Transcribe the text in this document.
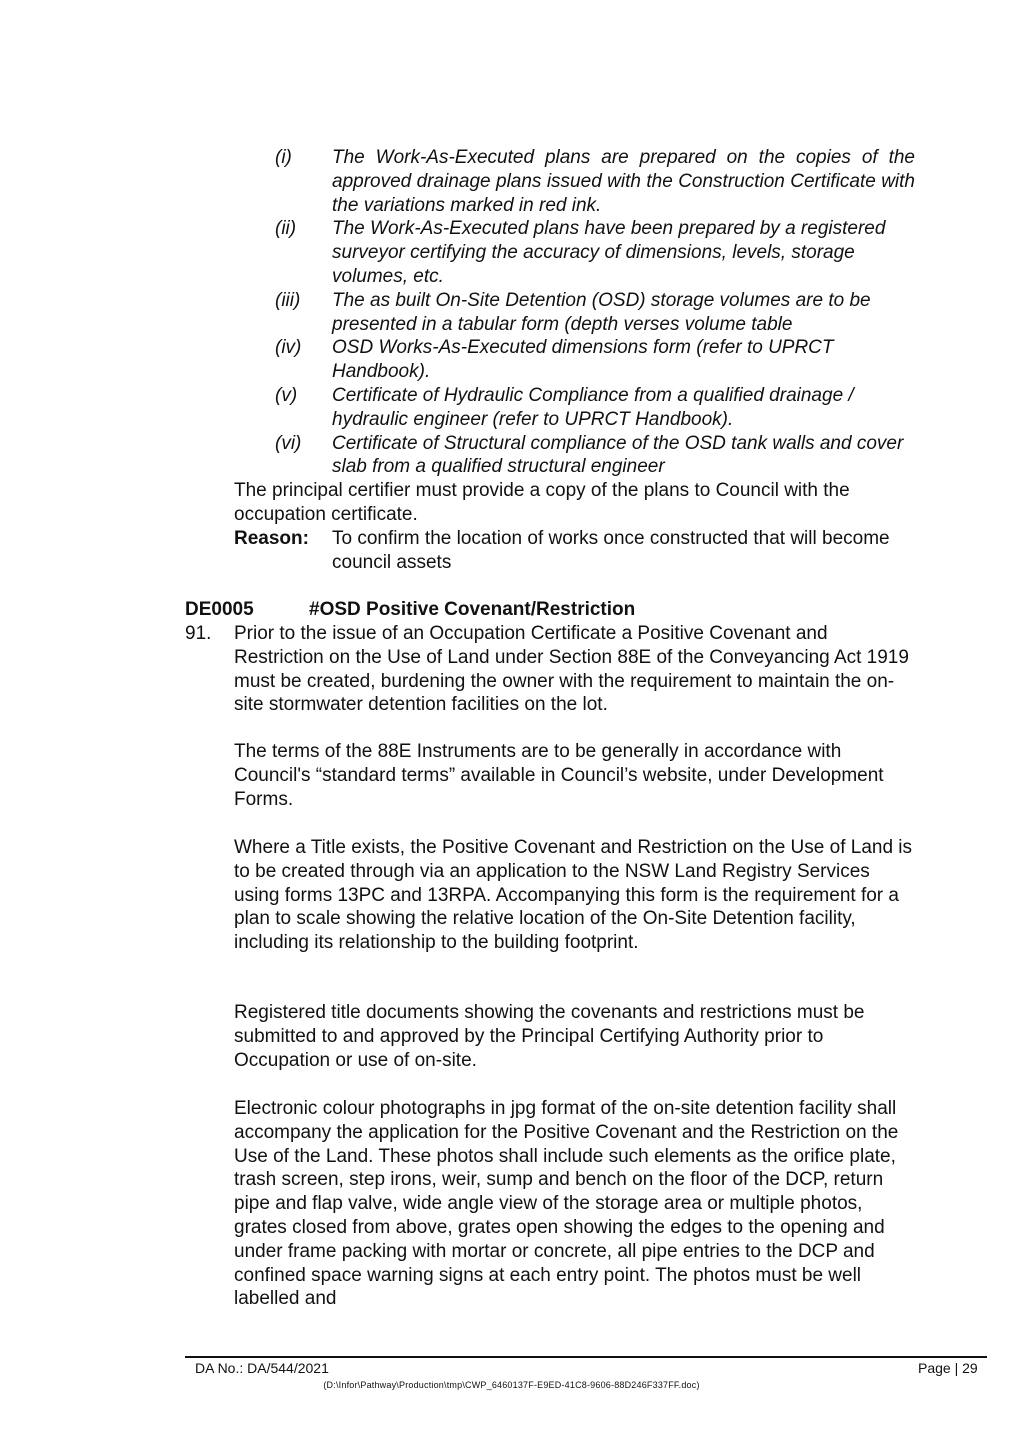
(i)	The Work-As-Executed plans are prepared on the copies of the approved drainage plans issued with the Construction Certificate with the variations marked in red ink.
(ii)	The Work-As-Executed plans have been prepared by a registered surveyor certifying the accuracy of dimensions, levels, storage volumes, etc.
(iii)	The as built On-Site Detention (OSD) storage volumes are to be presented in a tabular form (depth verses volume table
(iv)	OSD Works-As-Executed dimensions form (refer to UPRCT Handbook).
(v)	Certificate of Hydraulic Compliance from a qualified drainage / hydraulic engineer (refer to UPRCT Handbook).
(vi)	Certificate of Structural compliance of the OSD tank walls and cover slab from a qualified structural engineer

The principal certifier must provide a copy of the plans to Council with the occupation certificate.

Reason:	To confirm the location of works once constructed that will become council assets
DE0005	#OSD Positive Covenant/Restriction
91.	Prior to the issue of an Occupation Certificate a Positive Covenant and Restriction on the Use of Land under Section 88E of the Conveyancing Act 1919 must be created, burdening the owner with the requirement to maintain the on-site stormwater detention facilities on the lot.

The terms of the 88E Instruments are to be generally in accordance with Council's “standard terms” available in Council’s website, under Development Forms.

Where a Title exists, the Positive Covenant and Restriction on the Use of Land is to be created through via an application to the NSW Land Registry Services using forms 13PC and 13RPA. Accompanying this form is the requirement for a plan to scale showing the relative location of the On-Site Detention facility, including its relationship to the building footprint.

Registered title documents showing the covenants and restrictions must be submitted to and approved by the Principal Certifying Authority prior to Occupation or use of on-site.

Electronic colour photographs in jpg format of the on-site detention facility shall accompany the application for the Positive Covenant and the Restriction on the Use of the Land. These photos shall include such elements as the orifice plate, trash screen, step irons, weir, sump and bench on the floor of the DCP, return pipe and flap valve, wide angle view of the storage area or multiple photos, grates closed from above, grates open showing the edges to the opening and under frame packing with mortar or concrete, all pipe entries to the DCP and confined space warning signs at each entry point. The photos must be well labelled and

DA No.: DA/544/2021	Page | 29
(D:\Infor\Pathway\Production\tmp\CWP_6460137F-E9ED-41C8-9606-88D246F337FF.doc)
